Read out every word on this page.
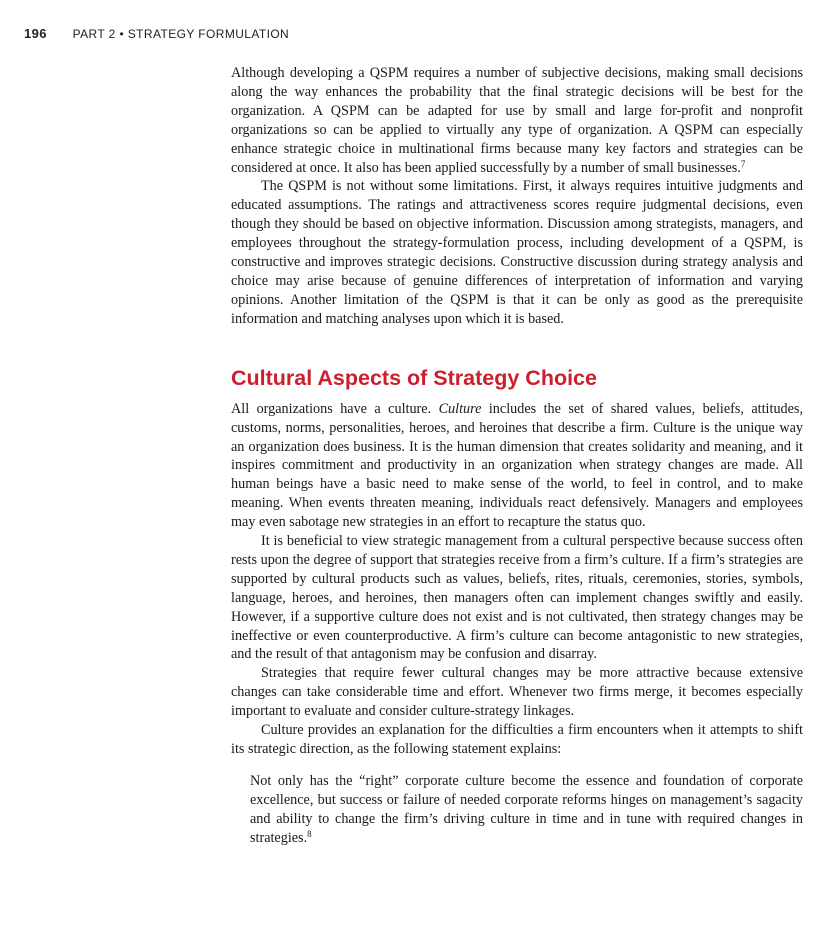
196 PART 2 • STRATEGY FORMULATION

Although developing a QSPM requires a number of subjective decisions, making small decisions along the way enhances the probability that the final strategic decisions will be best for the organization. A QSPM can be adapted for use by small and large for-profit and nonprofit organizations so can be applied to virtually any type of organization. A QSPM can especially enhance strategic choice in multinational firms because many key factors and strategies can be considered at once. It also has been applied successfully by a number of small businesses.$^7$

The QSPM is not without some limitations. First, it always requires intuitive judgments and educated assumptions. The ratings and attractiveness scores require judgmental decisions, even though they should be based on objective information. Discussion among strategists, managers, and employees throughout the strategy-formulation process, including development of a QSPM, is constructive and improves strategic decisions. Constructive discussion during strategy analysis and choice may arise because of genuine differences of interpretation of information and varying opinions. Another limitation of the QSPM is that it can be only as good as the prerequisite information and matching analyses upon which it is based.

Cultural Aspects of Strategy Choice

All organizations have a culture. Culture includes the set of shared values, beliefs, attitudes, customs, norms, personalities, heroes, and heroines that describe a firm. Culture is the unique way an organization does business. It is the human dimension that creates solidarity and meaning, and it inspires commitment and productivity in an organization when strategy changes are made. All human beings have a basic need to make sense of the world, to feel in control, and to make meaning. When events threaten meaning, individuals react defensively. Managers and employees may even sabotage new strategies in an effort to recapture the status quo.

It is beneficial to view strategic management from a cultural perspective because success often rests upon the degree of support that strategies receive from a firm’s culture. If a firm’s strategies are supported by cultural products such as values, beliefs, rites, rituals, ceremonies, stories, symbols, language, heroes, and heroines, then managers often can implement changes swiftly and easily. However, if a supportive culture does not exist and is not cultivated, then strategy changes may be ineffective or even counterproductive. A firm’s culture can become antagonistic to new strategies, and the result of that antagonism may be confusion and disarray.

Strategies that require fewer cultural changes may be more attractive because extensive changes can take considerable time and effort. Whenever two firms merge, it becomes especially important to evaluate and consider culture-strategy linkages.

Culture provides an explanation for the difficulties a firm encounters when it attempts to shift its strategic direction, as the following statement explains:

Not only has the “right” corporate culture become the essence and foundation of corporate excellence, but success or failure of needed corporate reforms hinges on management’s sagacity and ability to change the firm’s driving culture in time and in tune with required changes in strategies.$^8$
